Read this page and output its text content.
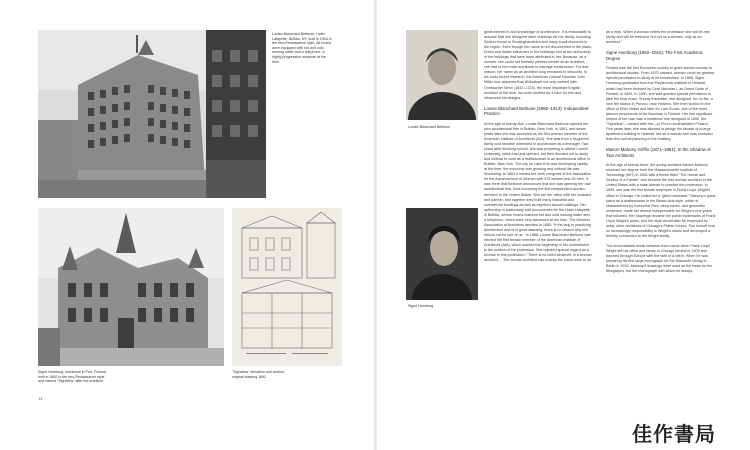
Louise Blanchard Bethune, Hotel Lafayette, Buffalo, NY, built in 1904 in the neo-Renaissance style. All rooms were equipped with hot and cold running water and a telephone, a highly progressive measure at the time.
Signe Hornborg, residence in Pori, Finland, built in 1892 in the neo-Renaissance style and named "Signelina" after the architect
"Signelina" elevation and section, original drawing 1892
14
Louise Blanchard Bethune
Signe Hornborg

great interest in and knowledge of architecture. It is reasonable to assume that she designed other buildings for her family, including Wotton House in Buckinghamshire and many small churches in the region. Even though her name is not documented in the plans, Dutch and Italian influences in the buildings hint at her authorship of the buildings that have been attributed to her. Because, as a woman, she could not formally present herself as an architect, she had to hire male architects to manage construction. For that reason, her name as an architect long remained in obscurity. In his most recent research, the American cultural historian John Millar now assumes that Wilbraham not only worked with Christopher Wren (1632–1723), the most important English architect of the time, but even worked as a tutor for him and influenced his designs.

Louise Blanchard Bethune (1856–1913): Independent Practice

At the age of twenty-five, Louise Blanchard Bethune opened her own architectural firm in Buffalo, New York, in 1881, and seven years later she was accepted as the first woman member of the American Institute of Architects (AIA). She was from a Huguenot family and became interested in architecture as a teenager. Two years after finishing school, she was preparing to attend Cornell University, which had just opened, but then decided not to study and instead to work as a draftswoman in an architectural office in Buffalo, New York. The city on Lake Erie was developing rapidly at the time: the economy was growing and cultural life was flourishing. In 1881 it hosted the ninth congress of the Association for the Advancement of Women with 975 women and 25 men. It was there that Bethune announced that she was opening her own architectural firm, thus becoming the first independent woman architect in the United States. She ran her office with her husband and partner, and together they built many industrial and commercial buildings as well as eighteen school buildings. Her authorship is particularly well documented for the Hotel Lafayette in Buffalo, whose rooms featured hot and cold running water and a telephone, which were very advanced at the time. The Western Association of Architects decided in 1885: "If the lady is practicing architecture and is in good standing, there is no reason why she should not be one of us." In 1888, Louise Blanchard Bethune was elected the first female member of the American Institute of Architects (AIA), which marked the beginning of her commitment to the politics of the profession. She rejected special regard as a woman in this profession: "There is no need whatever of a woman architect.... The woman architect has exactly the same work to do

as a man. When a woman enters the profession she will be met kindly and will be welcome but not as a woman, only as an architect."

Signe Hornborg (1862–1916): The First Academic Degree

Finland was the first European country to grant women access to architectural studies. From 1870 onward, women could be granted special permission to study at its universities. In 1888, Signe Hornborg graduated from the Polytechnic Institute in Helsinki, which had been founded by Czar Nicholas I, as Grand Duke of Finland, in 1849. In 1890, she was granted special permission to take the final exam. Shortly thereafter, she designed, for no fee, a new fire station in Porvoo, near Helsinki. She then worked in the office of Elias Heikel and later for Lars Sonck, one of the most famous proponents of Art Nouveau in Finland. Her first significant project of her own was a residence she designed in 1892, the "Signelina"—named after her—in Pori in southwestern Finland. Five years later, she was allowed to design the facade of a large apartment building in Helsinki, but as a woman she was excluded from the overall planning of the building.

Marion Mahony Griffin (1871–1961): In the Shadow of Two Architects

At the age of twenty-three, the young architect Marion Mahony received her degree from the Massachusetts Institute of Technology (MIT) in 1894 with a thesis titled "The House and Studios of a Painter" and became the first woman architect in the United States with a state license to practice the profession. In 1895, she was the first female employee in Frank Lloyd Wright's office in Chicago. He called her a "gifted assistant." Mahony's great talent as a draftswoman in the Beaux-Arts style, which is characterized by horizontal lines, deep eaves, and geometric ornament, made her almost indispensable for Wright in the years that followed. Her drawings became the public trademarks of Frank Lloyd Wright's plans, and her style would later be employed by many other architects of Chicago's Prairie School. She herself took on increasingly responsibility in Wright's studio and developed a friendly connection to the Wright family.

The irreconcilable break between them came when Frank Lloyd Wright left his office and family in Chicago behind in 1909 and traveled through Europe with the wife of a client. When he was preparing his first large monograph for the Wasmuth Verlag in Berlin in 1910, Mahony's drawings were used as the basis for the lithographs, but the monograph with which he always

佳作書局
